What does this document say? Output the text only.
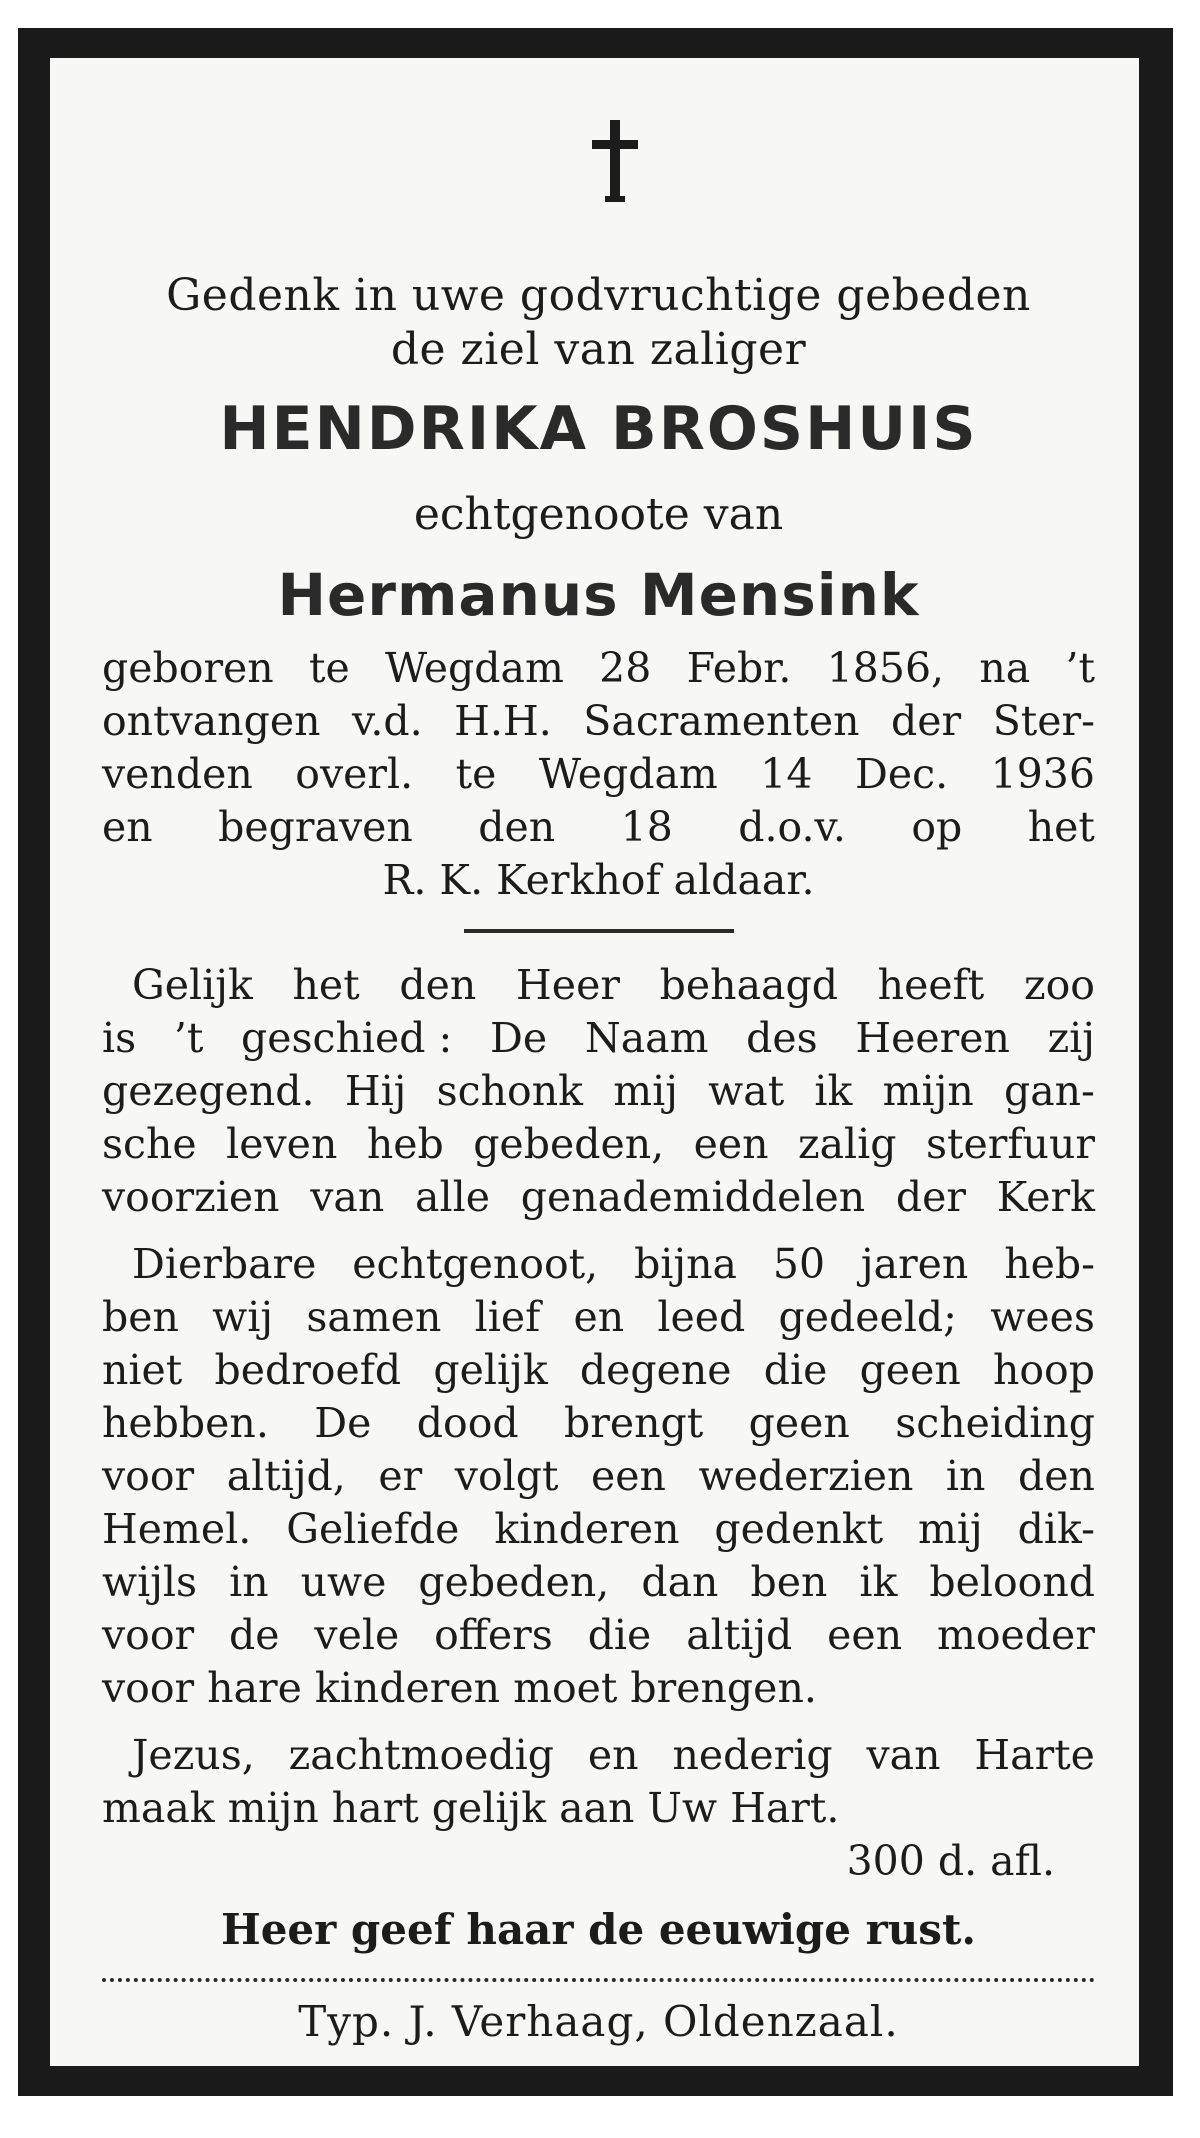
Gedenk in uwe godvruchtige gebeden
de ziel van zaliger
HENDRIKA BROSHUIS
echtgenoote van
Hermanus Mensink
geboren te Wegdam 28 Febr. 1856, na ’t
ontvangen v.d. H.H. Sacramenten der Ster-
venden overl. te Wegdam 14 Dec. 1936
en begraven den 18 d.o.v. op het
R. K. Kerkhof aldaar.
Gelijk het den Heer behaagd heeft zoo
is ’t geschied : De Naam des Heeren zij
gezegend. Hij schonk mij wat ik mijn gan-
sche leven heb gebeden, een zalig sterfuur
voorzien van alle genademiddelen der Kerk
Dierbare echtgenoot, bijna 50 jaren heb-
ben wij samen lief en leed gedeeld; wees
niet bedroefd gelijk degene die geen hoop
hebben. De dood brengt geen scheiding
voor altijd, er volgt een wederzien in den
Hemel. Geliefde kinderen gedenkt mij dik-
wijls in uwe gebeden, dan ben ik beloond
voor de vele offers die altijd een moeder
voor hare kinderen moet brengen.
Jezus, zachtmoedig en nederig van Harte
maak mijn hart gelijk aan Uw Hart.
300 d. afl.
Heer geef haar de eeuwige rust.
Typ. J. Verhaag, Oldenzaal.
